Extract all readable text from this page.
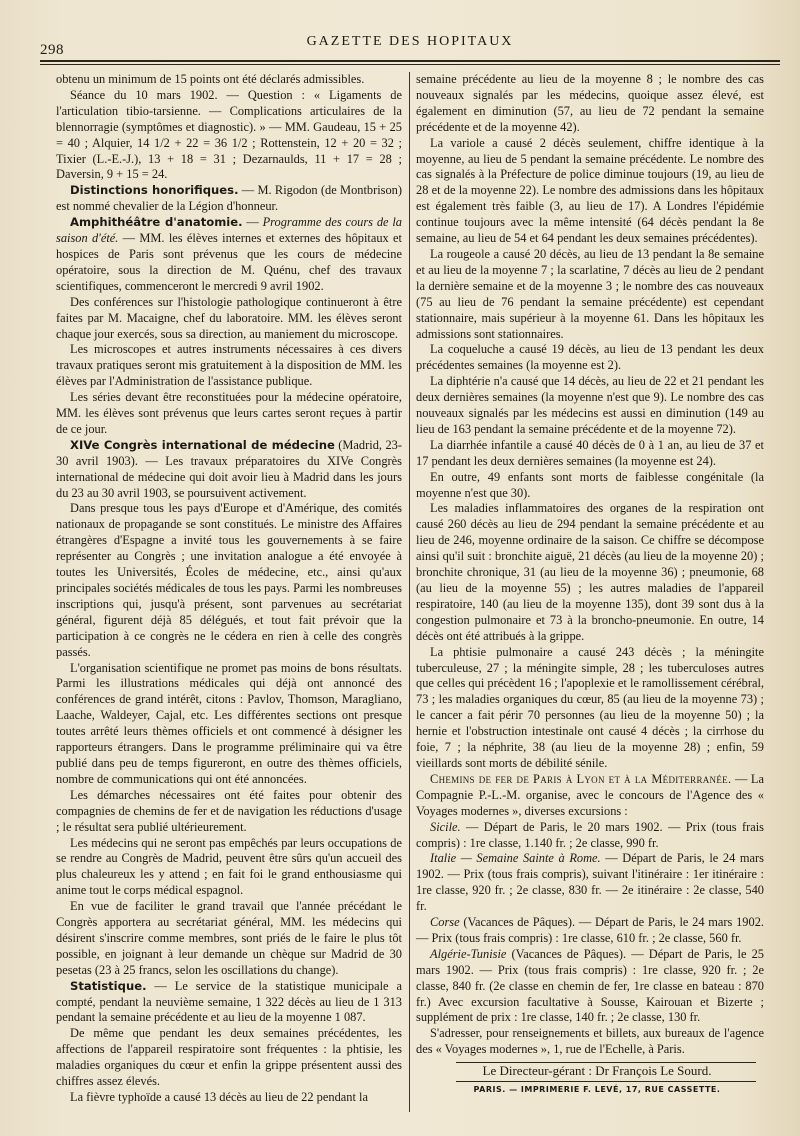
298
GAZETTE DES HOPITAUX

obtenu un minimum de 15 points ont été déclarés admissibles.

Séance du 10 mars 1902. — Question : « Ligaments de l'articulation tibio-tarsienne. — Complications articulaires de la blennorragie (symptômes et diagnostic). » — MM. Gaudeau, 15 + 25 = 40 ; Alquier, 14 1/2 + 22 = 36 1/2 ; Rottenstein, 12 + 20 = 32 ; Tixier (L.-E.-J.), 13 + 18 = 31 ; Dezarnaulds, 11 + 17 = 28 ; Daversin, 9 + 15 = 24.

Distinctions honorifiques. — M. Rigodon (de Montbrison) est nommé chevalier de la Légion d'honneur.

Amphithéâtre d'anatomie. — Programme des cours de la saison d'été. — MM. les élèves internes et externes des hôpitaux et hospices de Paris sont prévenus que les cours de médecine opératoire, sous la direction de M. Quénu, chef des travaux scientifiques, commenceront le mercredi 9 avril 1902.

Des conférences sur l'histologie pathologique continueront à être faites par M. Macaigne, chef du laboratoire. MM. les élèves seront chaque jour exercés, sous sa direction, au maniement du microscope.

Les microscopes et autres instruments nécessaires à ces divers travaux pratiques seront mis gratuitement à la disposition de MM. les élèves par l'Administration de l'assistance publique.

Les séries devant être reconstituées pour la médecine opératoire, MM. les élèves sont prévenus que leurs cartes seront reçues à partir de ce jour.

XIVe Congrès international de médecine (Madrid, 23-30 avril 1903). — Les travaux préparatoires du XIVe Congrès international de médecine qui doit avoir lieu à Madrid dans les jours du 23 au 30 avril 1903, se poursuivent activement.

Dans presque tous les pays d'Europe et d'Amérique, des comités nationaux de propagande se sont constitués. Le ministre des Affaires étrangères d'Espagne a invité tous les gouvernements à se faire représenter au Congrès ; une invitation analogue a été envoyée à toutes les Universités, Écoles de médecine, etc., ainsi qu'aux principales sociétés médicales de tous les pays. Parmi les nombreuses inscriptions qui, jusqu'à présent, sont parvenues au secrétariat général, figurent déjà 85 délégués, et tout fait prévoir que la participation à ce congrès ne le cédera en rien à celle des congrès passés.

L'organisation scientifique ne promet pas moins de bons résultats. Parmi les illustrations médicales qui déjà ont annoncé des conférences de grand intérêt, citons : Pavlov, Thomson, Maragliano, Laache, Waldeyer, Cajal, etc. Les différentes sections ont presque toutes arrêté leurs thèmes officiels et ont commencé à désigner les rapporteurs étrangers. Dans le programme préliminaire qui va être publié dans peu de temps figureront, en outre des thèmes officiels, nombre de communications qui ont été annoncées.

Les démarches nécessaires ont été faites pour obtenir des compagnies de chemins de fer et de navigation les réductions d'usage ; le résultat sera publié ultérieurement.

Les médecins qui ne seront pas empêchés par leurs occupations de se rendre au Congrès de Madrid, peuvent être sûrs qu'un accueil des plus chaleureux les y attend ; en fait foi le grand enthousiasme qui anime tout le corps médical espagnol.

En vue de faciliter le grand travail que l'année précédant le Congrès apportera au secrétariat général, MM. les médecins qui désirent s'inscrire comme membres, sont priés de le faire le plus tôt possible, en joignant à leur demande un chèque sur Madrid de 30 pesetas (23 à 25 francs, selon les oscillations du change).

Statistique. — Le service de la statistique municipale a compté, pendant la neuvième semaine, 1 322 décès au lieu de 1 313 pendant la semaine précédente et au lieu de la moyenne 1 087.

De même que pendant les deux semaines précédentes, les affections de l'appareil respiratoire sont fréquentes : la phtisie, les maladies organiques du cœur et enfin la grippe présentent aussi des chiffres assez élevés.

La fièvre typhoïde a causé 13 décès au lieu de 22 pendant la

semaine précédente au lieu de la moyenne 8 ; le nombre des cas nouveaux signalés par les médecins, quoique assez élevé, est également en diminution (57, au lieu de 72 pendant la semaine précédente et de la moyenne 42).

La variole a causé 2 décès seulement, chiffre identique à la moyenne, au lieu de 5 pendant la semaine précédente. Le nombre des cas signalés à la Préfecture de police diminue toujours (19, au lieu de 28 et de la moyenne 22). Le nombre des admissions dans les hôpitaux est également très faible (3, au lieu de 17). A Londres l'épidémie continue toujours avec la même intensité (64 décès pendant la 8e semaine, au lieu de 54 et 64 pendant les deux semaines précédentes).

La rougeole a causé 20 décès, au lieu de 13 pendant la 8e semaine et au lieu de la moyenne 7 ; la scarlatine, 7 décès au lieu de 2 pendant la dernière semaine et de la moyenne 3 ; le nombre des cas nouveaux (75 au lieu de 76 pendant la semaine précédente) est cependant stationnaire, mais supérieur à la moyenne 61. Dans les hôpitaux les admissions sont stationnaires.

La coqueluche a causé 19 décès, au lieu de 13 pendant les deux précédentes semaines (la moyenne est 2).

La diphtérie n'a causé que 14 décès, au lieu de 22 et 21 pendant les deux dernières semaines (la moyenne n'est que 9). Le nombre des cas nouveaux signalés par les médecins est aussi en diminution (149 au lieu de 163 pendant la semaine précédente et de la moyenne 72).

La diarrhée infantile a causé 40 décès de 0 à 1 an, au lieu de 37 et 17 pendant les deux dernières semaines (la moyenne est 24).

En outre, 49 enfants sont morts de faiblesse congénitale (la moyenne n'est que 30).

Les maladies inflammatoires des organes de la respiration ont causé 260 décès au lieu de 294 pendant la semaine précédente et au lieu de 246, moyenne ordinaire de la saison. Ce chiffre se décompose ainsi qu'il suit : bronchite aiguë, 21 décès (au lieu de la moyenne 20) ; bronchite chronique, 31 (au lieu de la moyenne 36) ; pneumonie, 68 (au lieu de la moyenne 55) ; les autres maladies de l'appareil respiratoire, 140 (au lieu de la moyenne 135), dont 39 sont dus à la congestion pulmonaire et 73 à la broncho-pneumonie. En outre, 14 décès ont été attribués à la grippe.

La phtisie pulmonaire a causé 243 décès ; la méningite tuberculeuse, 27 ; la méningite simple, 28 ; les tuberculoses autres que celles qui précèdent 16 ; l'apoplexie et le ramollissement cérébral, 73 ; les maladies organiques du cœur, 85 (au lieu de la moyenne 73) ; le cancer a fait périr 70 personnes (au lieu de la moyenne 50) ; la hernie et l'obstruction intestinale ont causé 4 décès ; la cirrhose du foie, 7 ; la néphrite, 38 (au lieu de la moyenne 28) ; enfin, 59 vieillards sont morts de débilité sénile.

Chemins de fer de Paris à Lyon et à la Méditerranée. — La Compagnie P.-L.-M. organise, avec le concours de l'Agence des « Voyages modernes », diverses excursions :

Sicile. — Départ de Paris, le 20 mars 1902. — Prix (tous frais compris) : 1re classe, 1.140 fr. ; 2e classe, 990 fr.

Italie — Semaine Sainte à Rome. — Départ de Paris, le 24 mars 1902. — Prix (tous frais compris), suivant l'itinéraire : 1er itinéraire : 1re classe, 920 fr. ; 2e classe, 830 fr. — 2e itinéraire : 2e classe, 540 fr.

Corse (Vacances de Pâques). — Départ de Paris, le 24 mars 1902. — Prix (tous frais compris) : 1re classe, 610 fr. ; 2e classe, 560 fr.

Algérie-Tunisie (Vacances de Pâques). — Départ de Paris, le 25 mars 1902. — Prix (tous frais compris) : 1re classe, 920 fr. ; 2e classe, 840 fr. (2e classe en chemin de fer, 1re classe en bateau : 870 fr.) Avec excursion facultative à Sousse, Kairouan et Bizerte ; supplément de prix : 1re classe, 140 fr. ; 2e classe, 130 fr.

S'adresser, pour renseignements et billets, aux bureaux de l'agence des « Voyages modernes », 1, rue de l'Echelle, à Paris.

Le Directeur-gérant : Dr François Le Sourd.

PARIS. — IMPRIMERIE F. LEVÉ, 17, RUE CASSETTE.
